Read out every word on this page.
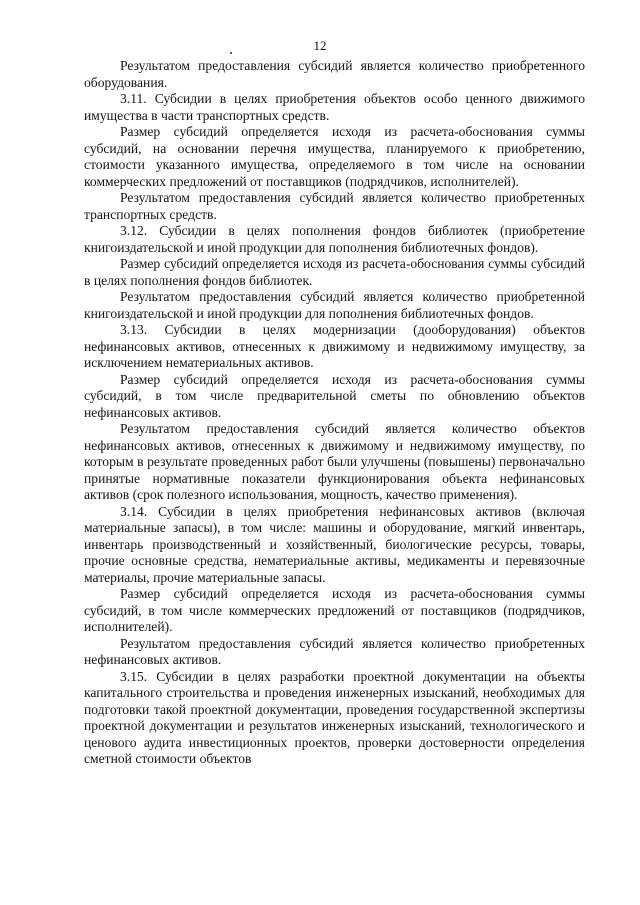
12

Результатом предоставления субсидий является количество приобретенного оборудования.

3.11. Субсидии в целях приобретения объектов особо ценного движимого имущества в части транспортных средств.

Размер субсидий определяется исходя из расчета-обоснования суммы субсидий, на основании перечня имущества, планируемого к приобретению, стоимости указанного имущества, определяемого в том числе на основании коммерческих предложений от поставщиков (подрядчиков, исполнителей).

Результатом предоставления субсидий является количество приобретенных транспортных средств.

3.12. Субсидии в целях пополнения фондов библиотек (приобретение книгоиздательской и иной продукции для пополнения библиотечных фондов).

Размер субсидий определяется исходя из расчета-обоснования суммы субсидий в целях пополнения фондов библиотек.

Результатом предоставления субсидий является количество приобретенной книгоиздательской и иной продукции для пополнения библиотечных фондов.

3.13. Субсидии в целях модернизации (дооборудования) объектов нефинансовых активов, отнесенных к движимому и недвижимому имуществу, за исключением нематериальных активов.

Размер субсидий определяется исходя из расчета-обоснования суммы субсидий, в том числе предварительной сметы по обновлению объектов нефинансовых активов.

Результатом предоставления субсидий является количество объектов нефинансовых активов, отнесенных к движимому и недвижимому имуществу, по которым в результате проведенных работ были улучшены (повышены) первоначально принятые нормативные показатели функционирования объекта нефинансовых активов (срок полезного использования, мощность, качество применения).

3.14. Субсидии в целях приобретения нефинансовых активов (включая материальные запасы), в том числе: машины и оборудование, мягкий инвентарь, инвентарь производственный и хозяйственный, биологические ресурсы, товары, прочие основные средства, нематериальные активы, медикаменты и перевязочные материалы, прочие материальные запасы.

Размер субсидий определяется исходя из расчета-обоснования суммы субсидий, в том числе коммерческих предложений от поставщиков (подрядчиков, исполнителей).

Результатом предоставления субсидий является количество приобретенных нефинансовых активов.

3.15. Субсидии в целях разработки проектной документации на объекты капитального строительства и проведения инженерных изысканий, необходимых для подготовки такой проектной документации, проведения государственной экспертизы проектной документации и результатов инженерных изысканий, технологического и ценового аудита инвестиционных проектов, проверки достоверности определения сметной стоимости объектов
